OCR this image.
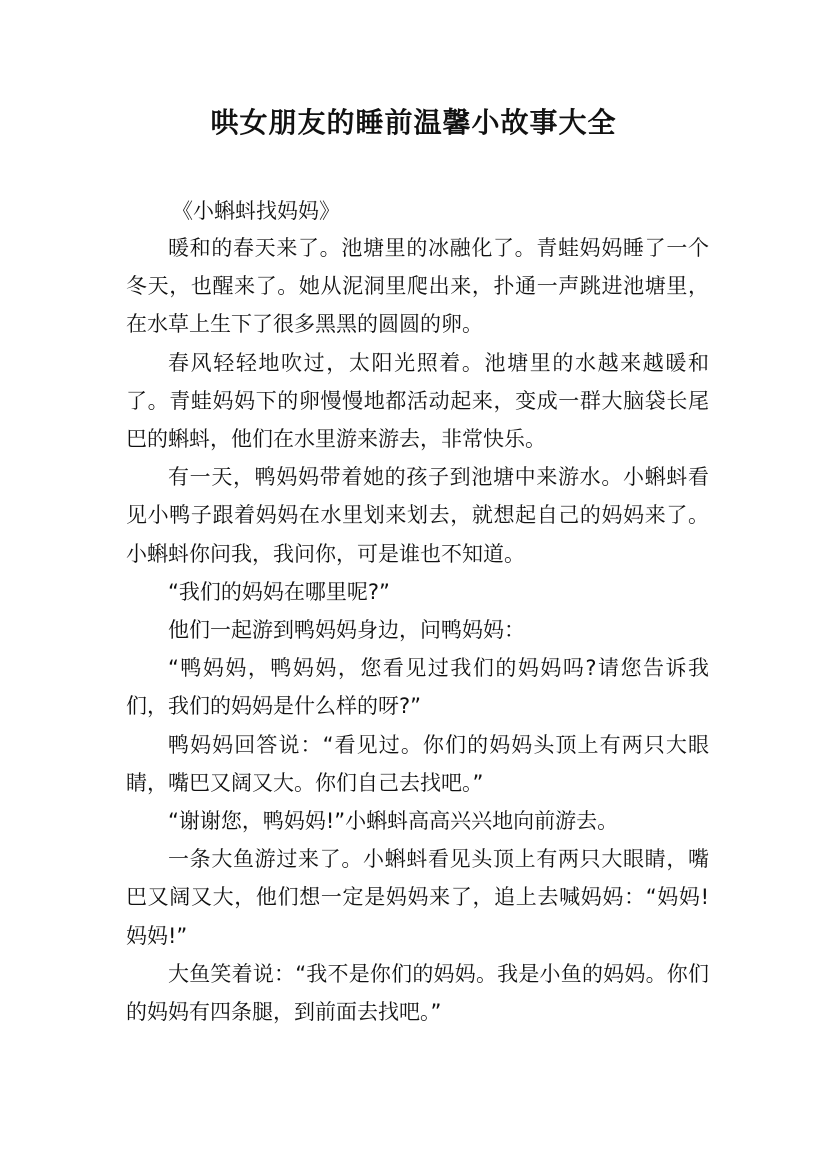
哄女朋友的睡前温馨小故事大全

《小蝌蚪找妈妈》

暖和的春天来了。池塘里的冰融化了。青蛙妈妈睡了一个冬天，也醒来了。她从泥洞里爬出来，扑通一声跳进池塘里，在水草上生下了很多黑黑的圆圆的卵。

春风轻轻地吹过，太阳光照着。池塘里的水越来越暖和了。青蛙妈妈下的卵慢慢地都活动起来，变成一群大脑袋长尾巴的蝌蚪，他们在水里游来游去，非常快乐。

有一天，鸭妈妈带着她的孩子到池塘中来游水。小蝌蚪看见小鸭子跟着妈妈在水里划来划去，就想起自己的妈妈来了。小蝌蚪你问我，我问你，可是谁也不知道。

“我们的妈妈在哪里呢?”

他们一起游到鸭妈妈身边，问鸭妈妈：

“鸭妈妈，鸭妈妈，您看见过我们的妈妈吗?请您告诉我们，我们的妈妈是什么样的呀?”

鸭妈妈回答说：“看见过。你们的妈妈头顶上有两只大眼睛，嘴巴又阔又大。你们自己去找吧。”

“谢谢您，鸭妈妈!”小蝌蚪高高兴兴地向前游去。

一条大鱼游过来了。小蝌蚪看见头顶上有两只大眼睛，嘴巴又阔又大，他们想一定是妈妈来了，追上去喊妈妈：“妈妈!妈妈!”

大鱼笑着说：“我不是你们的妈妈。我是小鱼的妈妈。你们的妈妈有四条腿，到前面去找吧。”
